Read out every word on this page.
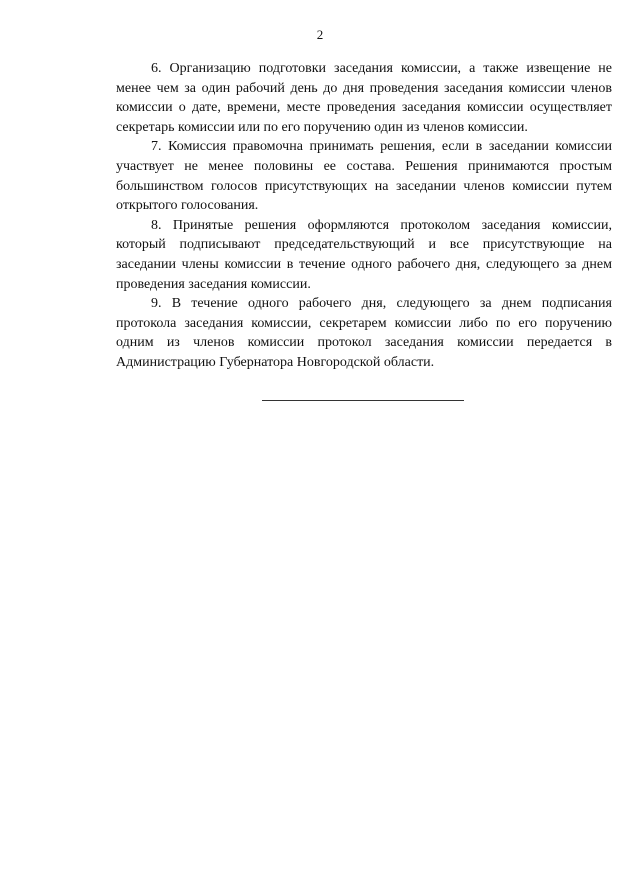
2

6. Организацию подготовки заседания комиссии, а также извещение не менее чем за один рабочий день до дня проведения заседания комиссии членов комиссии о дате, времени, месте проведения заседания комиссии осуществляет секретарь комиссии или по его поручению один из членов комиссии.

7. Комиссия правомочна принимать решения, если в заседании комиссии участвует не менее половины ее состава. Решения принимаются простым большинством голосов присутствующих на заседании членов комиссии путем открытого голосования.

8. Принятые решения оформляются протоколом заседания комиссии, который подписывают председательствующий и все присутствующие на заседании члены комиссии в течение одного рабочего дня, следующего за днем проведения заседания комиссии.

9. В течение одного рабочего дня, следующего за днем подписания протокола заседания комиссии, секретарем комиссии либо по его поручению одним из членов комиссии протокол заседания комиссии передается в Администрацию Губернатора Новгородской области.
